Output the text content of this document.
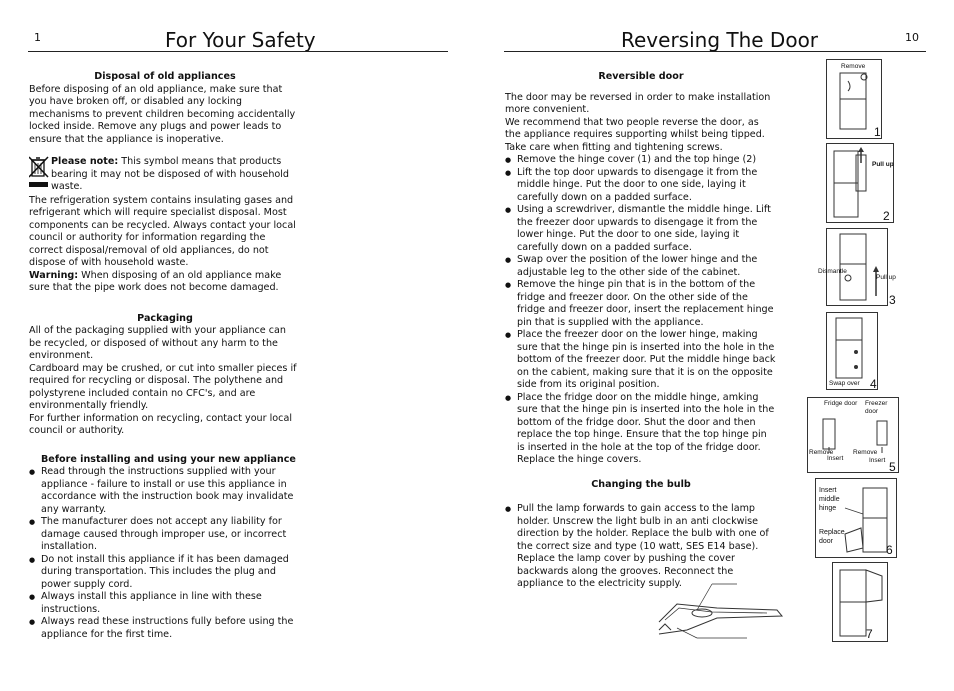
1	For Your Safety
Disposal of old appliances

Before disposing of an old appliance, make sure that you have broken off, or disabled any locking mechanisms to prevent children becoming accidentally locked inside. Remove any plugs and power leads to ensure that the appliance is inoperative.

Please note: This symbol means that products bearing it may not be disposed of with household waste.

The refrigeration system contains insulating gases and refrigerant which will require specialist disposal. Most components can be recycled. Always contact your local council or authority for information regarding the correct disposal/removal of old appliances, do not dispose of with household waste.

Warning: When disposing of an old appliance make sure that the pipe work does not become damaged.

Packaging

All of the packaging supplied with your appliance can be recycled, or disposed of without any harm to the environment.

Cardboard may be crushed, or cut into smaller pieces if required for recycling or disposal. The polythene and polystyrene included contain no CFC's, and are environmentally friendly.

For further information on recycling, contact your local council or authority.

Before installing and using your new appliance
● Read through the instructions supplied with your appliance - failure to install or use this appliance in accordance with the instruction book may invalidate any warranty.
● The manufacturer does not accept any liability for damage caused through improper use, or incorrect installation.
● Do not install this appliance if it has been damaged during transportation. This includes the plug and power supply cord.
● Always install this appliance in line with these instructions.
● Always read these instructions fully before using the appliance for the first time.
Reversing The Door	10
Reversible door

The door may be reversed in order to make installation more convenient.
We recommend that two people reverse the door, as the appliance requires supporting whilst being tipped. Take care when fitting and tightening screws.

● Remove the hinge cover (1) and the top hinge (2)
● Lift the top door upwards to disengage it from the middle hinge. Put the door to one side, laying it carefully down on a padded surface.
● Using a screwdriver, dismantle the middle hinge. Lift the freezer door upwards to disengage it from the lower hinge. Put the door to one side, laying it carefully down on a padded surface.
● Swap over the position of the lower hinge and the adjustable leg to the other side of the cabinet.
● Remove the hinge pin that is in the bottom of the fridge and freezer door. On the other side of the fridge and freezer door, insert the replacement hinge pin that is supplied with the appliance.
● Place the freezer door on the lower hinge, making sure that the hinge pin is inserted into the hole in the bottom of the freezer door. Put the middle hinge back on the cabient, making sure that it is on the opposite side from its original position.
● Place the fridge door on the middle hinge, amking sure that the hinge pin is inserted into the hole in the bottom of the fridge door. Shut the door and then replace the top hinge. Ensure that the top hinge pin is inserted in the hole at the top of the fridge door. Replace the hinge covers.
Changing the bulb
● Pull the lamp forwards to gain access to the lamp holder. Unscrew the light bulb in an anti clockwise direction by the holder. Replace the bulb with one of the correct size and type (10 watt, SES E14 base). Replace the lamp cover by pushing the cover backwards along the grooves. Reconnect the appliance to the electricity supply.
Remove
1
Pull up
2
Dismantle
Pull up
3
Swap over 4
Fridge door Freezer door
Remove
Insert
Remove
Insert 5
Insert middle hinge
Replace door
6
7
